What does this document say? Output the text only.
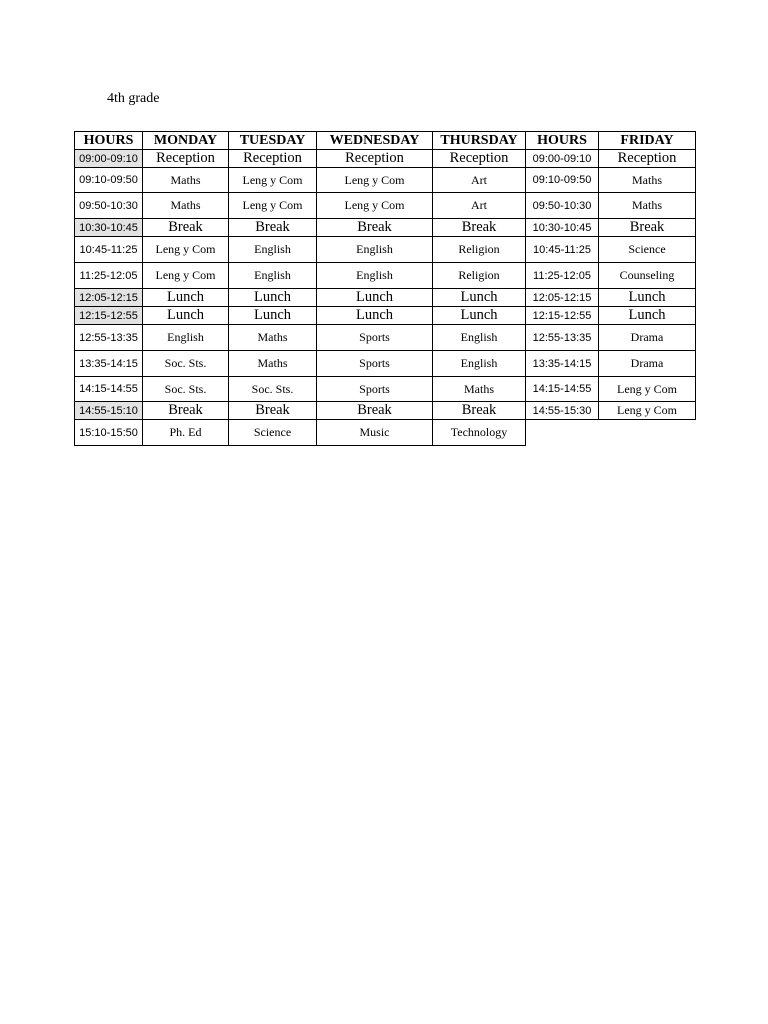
4th grade
HOURS	MONDAY	TUESDAY	WEDNESDAY	THURSDAY	HOURS	FRIDAY
09:00-09:10	Reception	Reception	Reception	Reception	09:00-09:10	Reception
09:10-09:50	Maths	Leng y Com	Leng y Com	Art	09:10-09:50	Maths
09:50-10:30	Maths	Leng y Com	Leng y Com	Art	09:50-10:30	Maths
10:30-10:45	Break	Break	Break	Break	10:30-10:45	Break
10:45-11:25	Leng y Com	English	English	Religion	10:45-11:25	Science
11:25-12:05	Leng y Com	English	English	Religion	11:25-12:05	Counseling
12:05-12:15	Lunch	Lunch	Lunch	Lunch	12:05-12:15	Lunch
12:15-12:55	Lunch	Lunch	Lunch	Lunch	12:15-12:55	Lunch
12:55-13:35	English	Maths	Sports	English	12:55-13:35	Drama
13:35-14:15	Soc. Sts.	Maths	Sports	English	13:35-14:15	Drama
14:15-14:55	Soc. Sts.	Soc. Sts.	Sports	Maths	14:15-14:55	Leng y Com
14:55-15:10	Break	Break	Break	Break	14:55-15:30	Leng y Com
15:10-15:50	Ph. Ed	Science	Music	Technology		
